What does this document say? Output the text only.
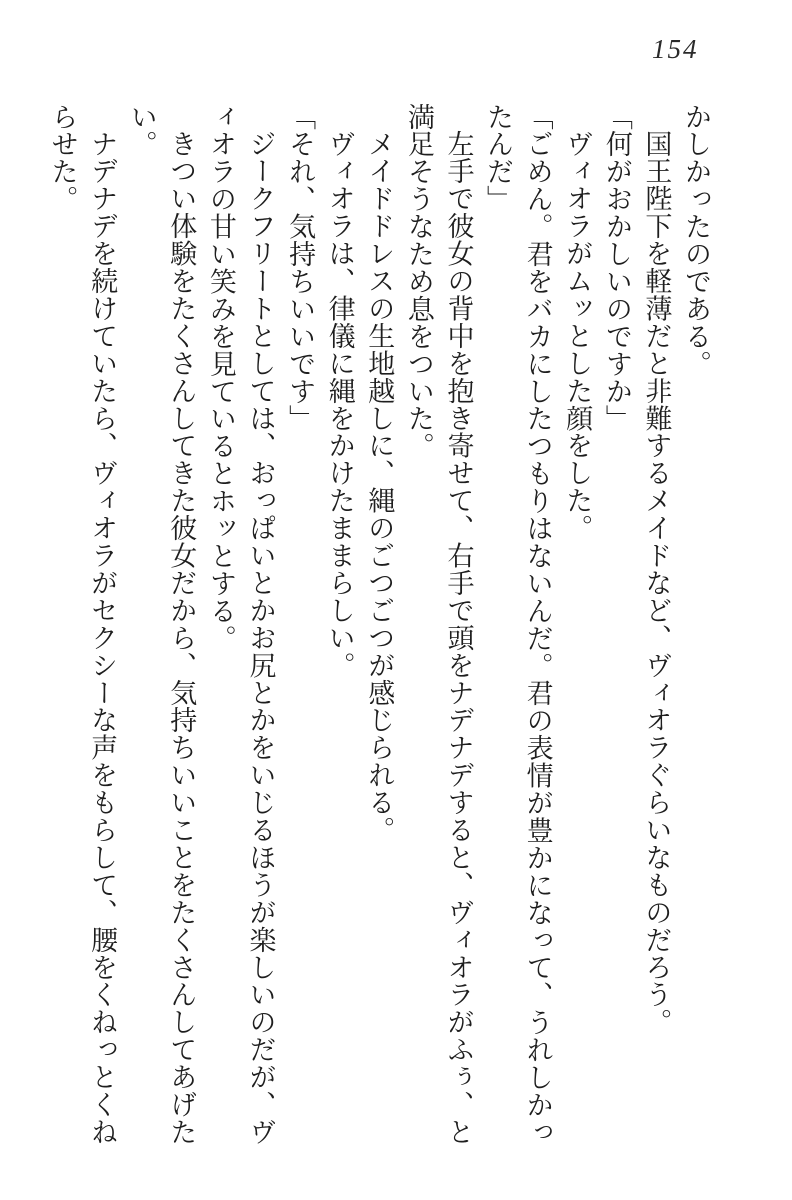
154

かしかったのである。

国王陛下を軽薄だと非難するメイドなど、ヴィオラぐらいなものだろう。

「何がおかしいのですか」

ヴィオラがムッとした顔をした。

「ごめん。君をバカにしたつもりはないんだ。君の表情が豊かになって、うれしかっ

たんだ」

左手で彼女の背中を抱き寄せて、右手で頭をナデナデすると、ヴィオラがふぅ、と

満足そうなため息をついた。

メイドドレスの生地越しに、縄のごつごつが感じられる。

ヴィオラは、律儀に縄をかけたままらしい。

「それ、気持ちいいです」

ジークフリートとしては、おっぱいとかお尻とかをいじるほうが楽しいのだが、ヴ

ィオラの甘い笑みを見ているとホッとする。

きつい体験をたくさんしてきた彼女だから、気持ちいいことをたくさんしてあげた

い。

ナデナデを続けていたら、ヴィオラがセクシーな声をもらして、腰をくねっとくね

らせた。
